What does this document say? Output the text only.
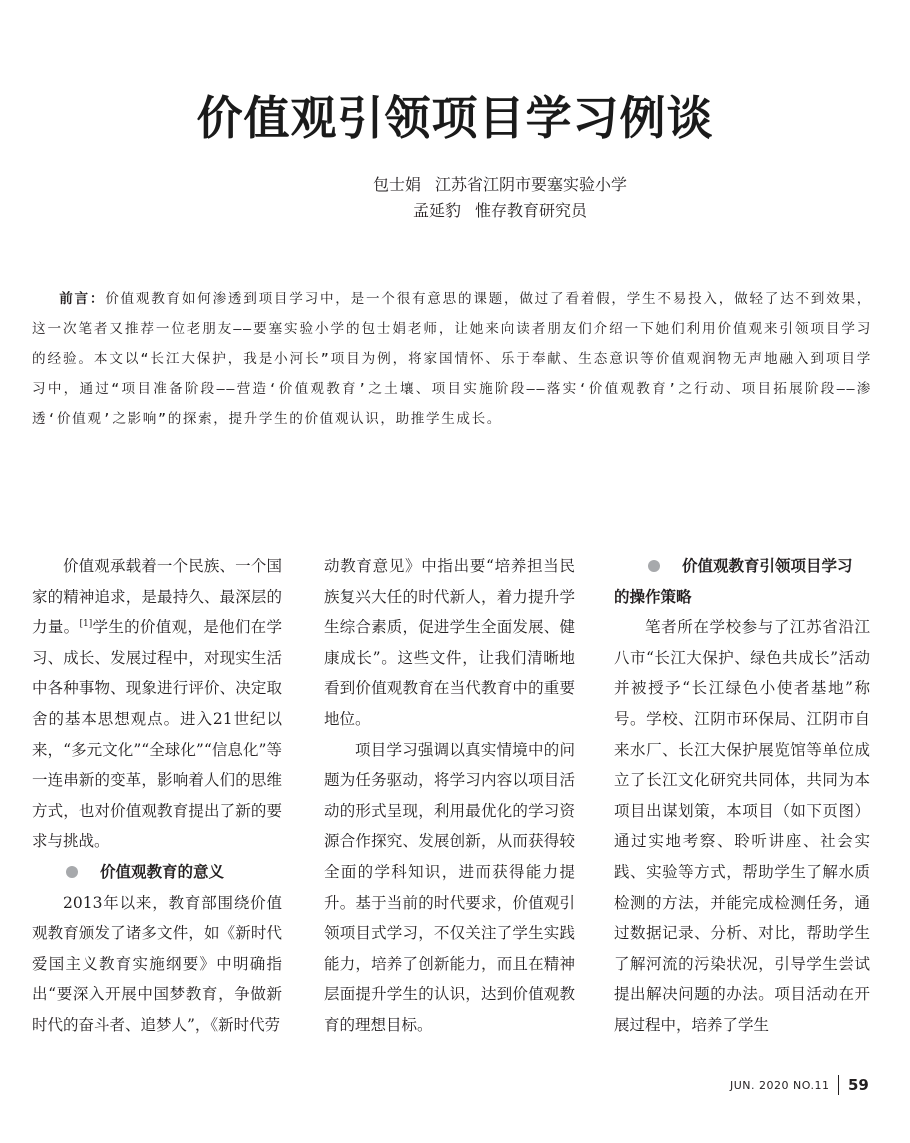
价值观引领项目学习例谈
包士娟 江苏省江阴市要塞实验小学
孟延豹 惟存教育研究员
前言：价值观教育如何渗透到项目学习中，是一个很有意思的课题，做过了看着假，学生不易投入，做轻了达不到效果，这一次笔者又推荐一位老朋友——要塞实验小学的包士娟老师，让她来向读者朋友们介绍一下她们利用价值观来引领项目学习的经验。本文以“长江大保护，我是小河长”项目为例，将家国情怀、乐于奉献、生态意识等价值观润物无声地融入到项目学习中，通过“项目准备阶段——营造‘价值观教育’之土壤、项目实施阶段——落实‘价值观教育’之行动、项目拓展阶段——渗透‘价值观’之影响”的探索，提升学生的价值观认识，助推学生成长。

价值观承载着一个民族、一个国家的精神追求，是最持久、最深层的力量。[1]学生的价值观，是他们在学习、成长、发展过程中，对现实生活中各种事物、现象进行评价、决定取舍的基本思想观点。进入21世纪以来，“多元文化”“全球化”“信息化”等一连串新的变革，影响着人们的思维方式，也对价值观教育提出了新的要求与挑战。

价值观教育的意义

2013年以来，教育部围绕价值观教育颁发了诸多文件，如《新时代爱国主义教育实施纲要》中明确指出“要深入开展中国梦教育，争做新时代的奋斗者、追梦人”，《新时代劳

动教育意见》中指出要“培养担当民族复兴大任的时代新人，着力提升学生综合素质，促进学生全面发展、健康成长”。这些文件，让我们清晰地看到价值观教育在当代教育中的重要地位。

项目学习强调以真实情境中的问题为任务驱动，将学习内容以项目活动的形式呈现，利用最优化的学习资源合作探究、发展创新，从而获得较全面的学科知识，进而获得能力提升。基于当前的时代要求，价值观引领项目式学习，不仅关注了学生实践能力，培养了创新能力，而且在精神层面提升学生的认识，达到价值观教育的理想目标。

价值观教育引领项目学习
的操作策略

笔者所在学校参与了江苏省沿江八市“长江大保护、绿色共成长”活动并被授予“长江绿色小使者基地”称号。学校、江阴市环保局、江阴市自来水厂、长江大保护展览馆等单位成立了长江文化研究共同体，共同为本项目出谋划策，本项目（如下页图）通过实地考察、聆听讲座、社会实践、实验等方式，帮助学生了解水质检测的方法，并能完成检测任务，通过数据记录、分析、对比，帮助学生了解河流的污染状况，引导学生尝试提出解决问题的办法。项目活动在开展过程中，培养了学生

JUN. 2020 NO.11 59
